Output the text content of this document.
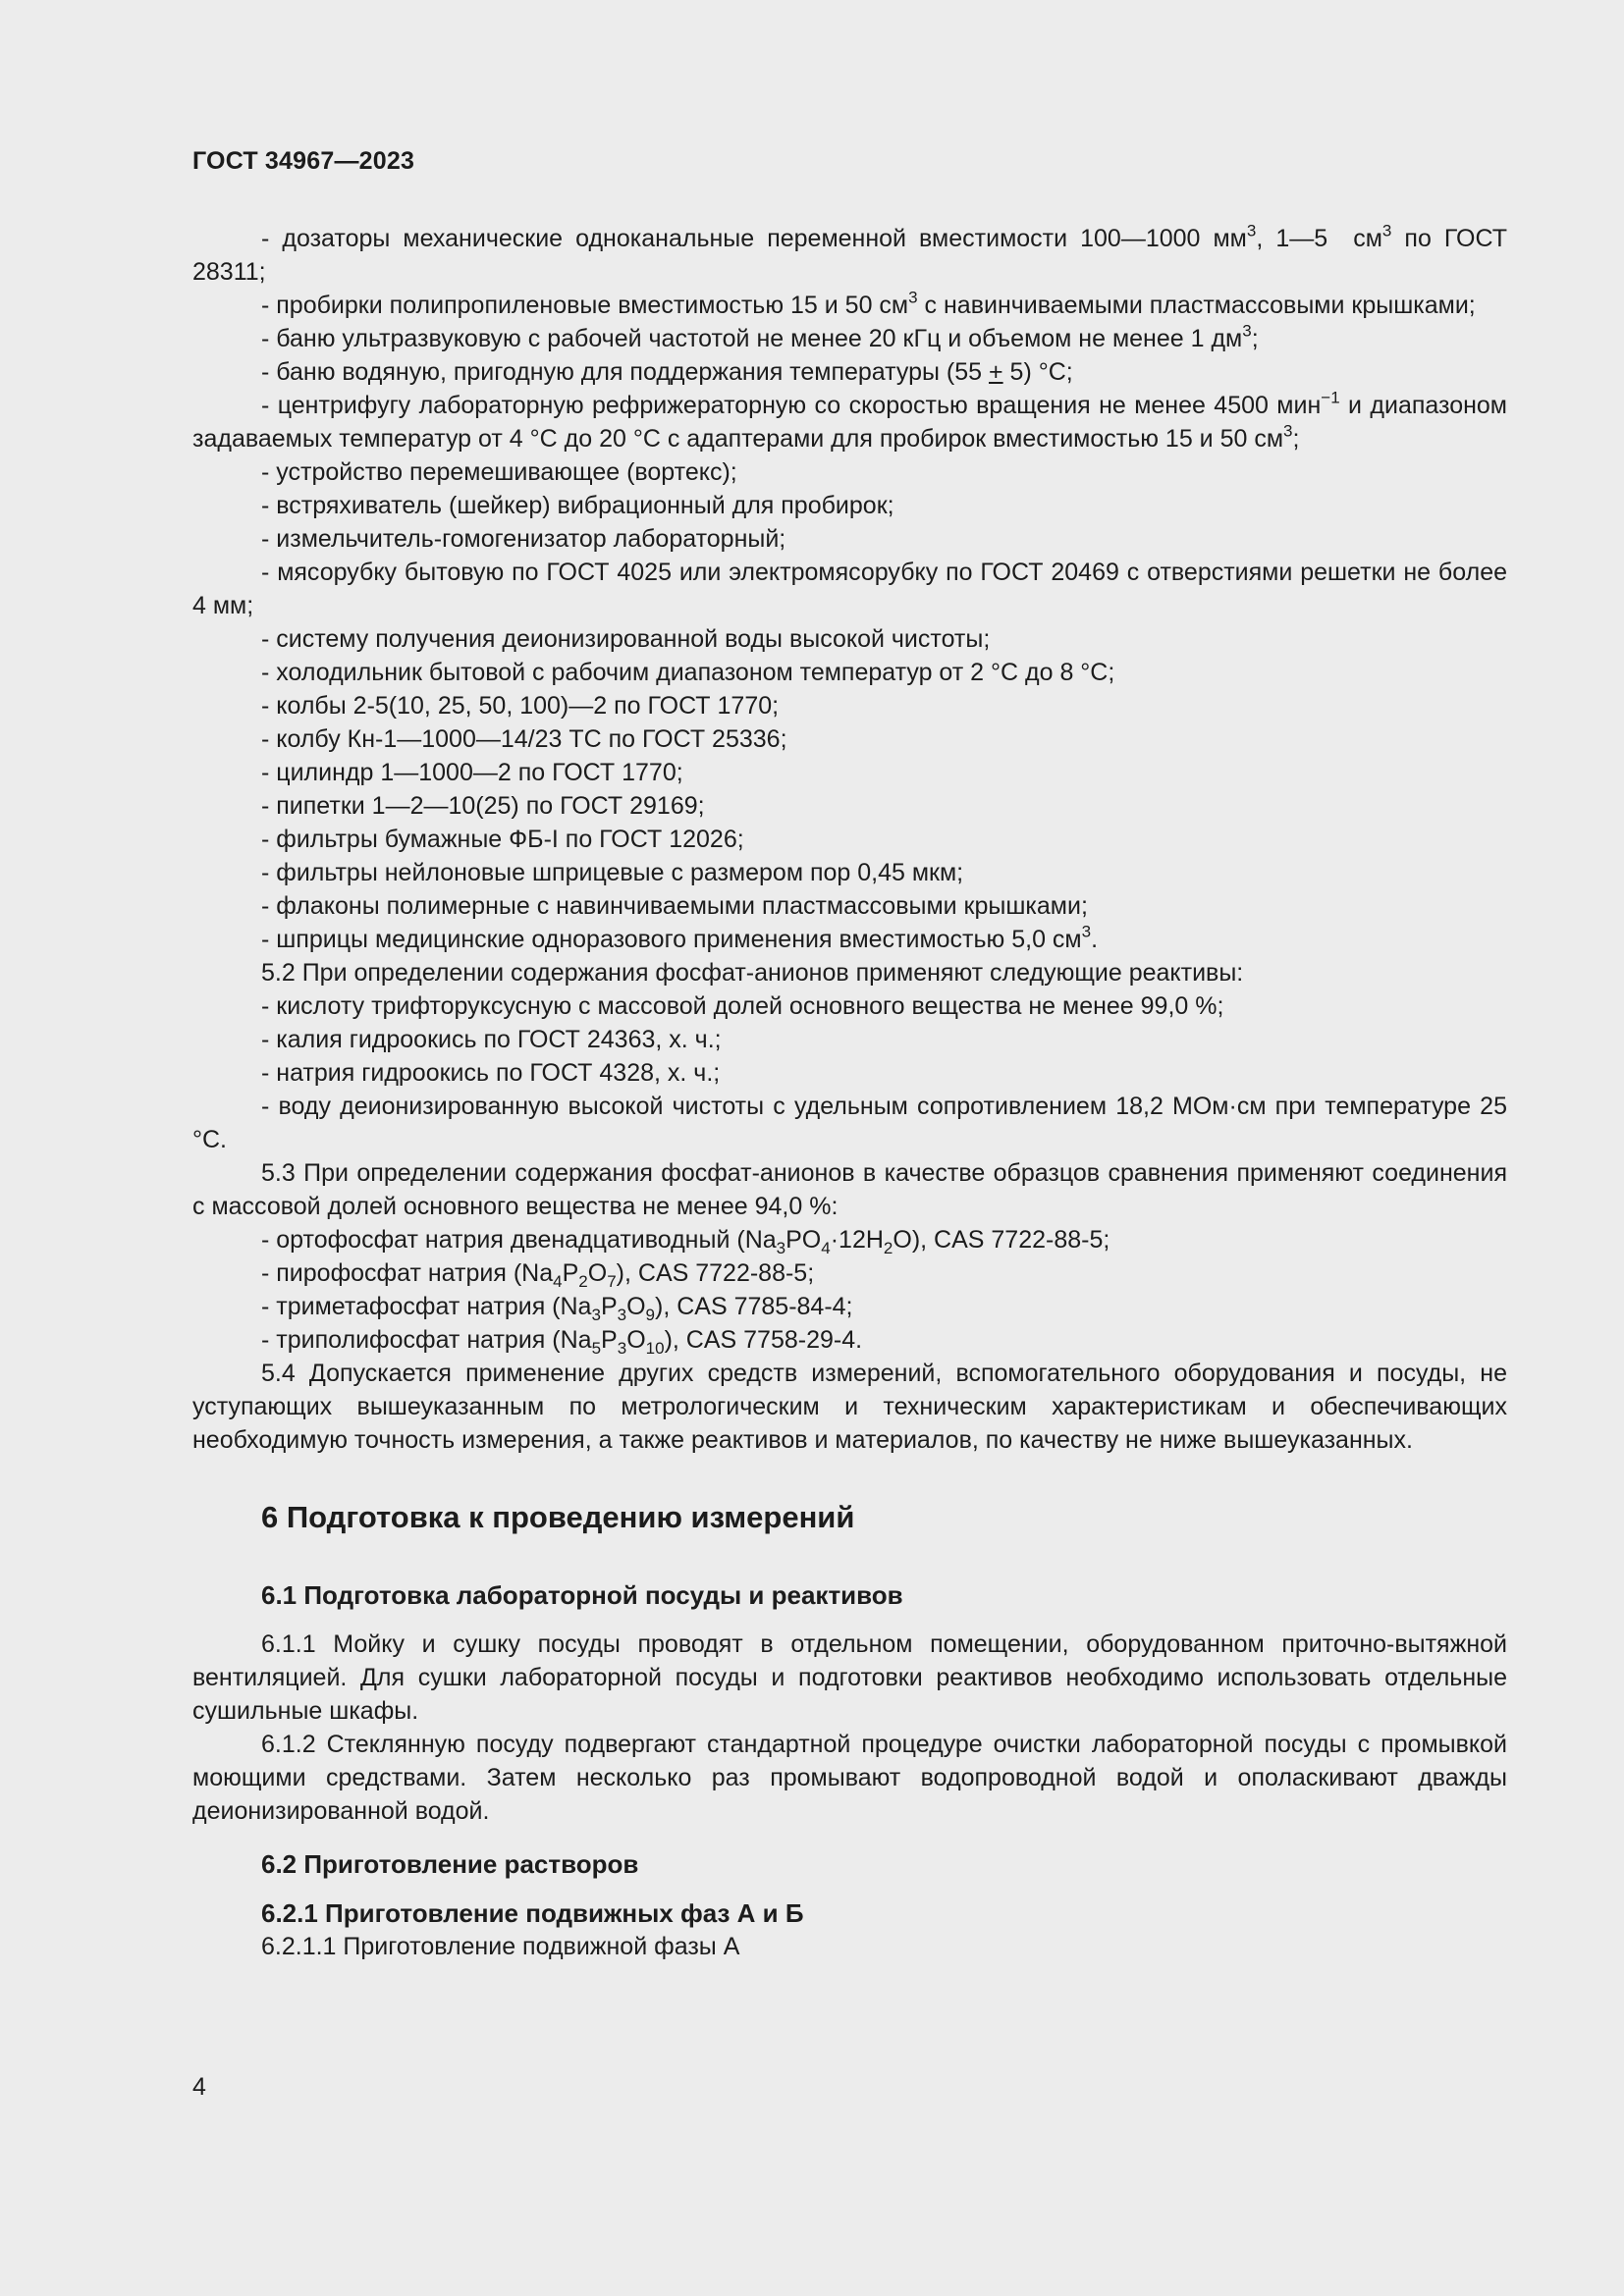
ГОСТ 34967—2023

- дозаторы механические одноканальные переменной вместимости 100—1000 $мм^3$, 1—5  $см^3$ по ГОСТ 28311;

- пробирки полипропиленовые вместимостью 15 и 50 $см^3$ с навинчиваемыми пластмассовыми крышками;

- баню ультразвуковую с рабочей частотой не менее 20 кГц и объемом не менее 1 $дм^3$;

- баню водяную, пригодную для поддержания температуры (55 + 5) °C;

- центрифугу лабораторную рефрижераторную со скоростью вращения не менее 4500 мин$^{-1}$ и диапазоном задаваемых температур от 4 °C до 20 °C с адаптерами для пробирок вместимостью 15 и 50 $см^3$;

- устройство перемешивающее (вортекс);

- встряхиватель (шейкер) вибрационный для пробирок;

- измельчитель-гомогенизатор лабораторный;

- мясорубку бытовую по ГОСТ 4025 или электромясорубку по ГОСТ 20469 с отверстиями решетки не более 4 мм;

- систему получения деионизированной воды высокой чистоты;

- холодильник бытовой с рабочим диапазоном температур от 2 °C до 8 °C;

- колбы 2-5(10, 25, 50, 100)—2 по ГОСТ 1770;

- колбу Кн-1—1000—14/23 ТС по ГОСТ 25336;

- цилиндр 1—1000—2 по ГОСТ 1770;

- пипетки 1—2—10(25) по ГОСТ 29169;

- фильтры бумажные ФБ-I по ГОСТ 12026;

- фильтры нейлоновые шприцевые с размером пор 0,45 мкм;

- флаконы полимерные с навинчиваемыми пластмассовыми крышками;

- шприцы медицинские одноразового применения вместимостью 5,0 $см^3$.

5.2 При определении содержания фосфат-анионов применяют следующие реактивы:

- кислоту трифторуксусную с массовой долей основного вещества не менее 99,0 %;

- калия гидроокись по ГОСТ 24363, х. ч.;

- натрия гидроокись по ГОСТ 4328, х. ч.;

- воду деионизированную высокой чистоты с удельным сопротивлением 18,2 МОм·см при температуре 25 °C.

5.3 При определении содержания фосфат-анионов в качестве образцов сравнения применяют соединения с массовой долей основного вещества не менее 94,0 %:

- ортофосфат натрия двенадцативодный $(Na_3PO_4\cdot 12H_2O)$, CAS 7722-88-5;

- пирофосфат натрия $(Na_4P_2O_7)$, CAS 7722-88-5;

- триметафосфат натрия $(Na_3P_3O_9)$, CAS 7785-84-4;

- триполифосфат натрия $(Na_5P_3O_{10})$, CAS 7758-29-4.

5.4 Допускается применение других средств измерений, вспомогательного оборудования и посуды, не уступающих вышеуказанным по метрологическим и техническим характеристикам и обеспечивающих необходимую точность измерения, а также реактивов и материалов, по качеству не ниже вышеуказанных.

6 Подготовка к проведению измерений
6.1 Подготовка лабораторной посуды и реактивов

6.1.1 Мойку и сушку посуды проводят в отдельном помещении, оборудованном приточно-вытяжной вентиляцией. Для сушки лабораторной посуды и подготовки реактивов необходимо использовать отдельные сушильные шкафы.

6.1.2 Стеклянную посуду подвергают стандартной процедуре очистки лабораторной посуды с промывкой моющими средствами. Затем несколько раз промывают водопроводной водой и ополаскивают дважды деионизированной водой.

6.2 Приготовление растворов
6.2.1 Приготовление подвижных фаз А и Б

6.2.1.1 Приготовление подвижной фазы А

4
